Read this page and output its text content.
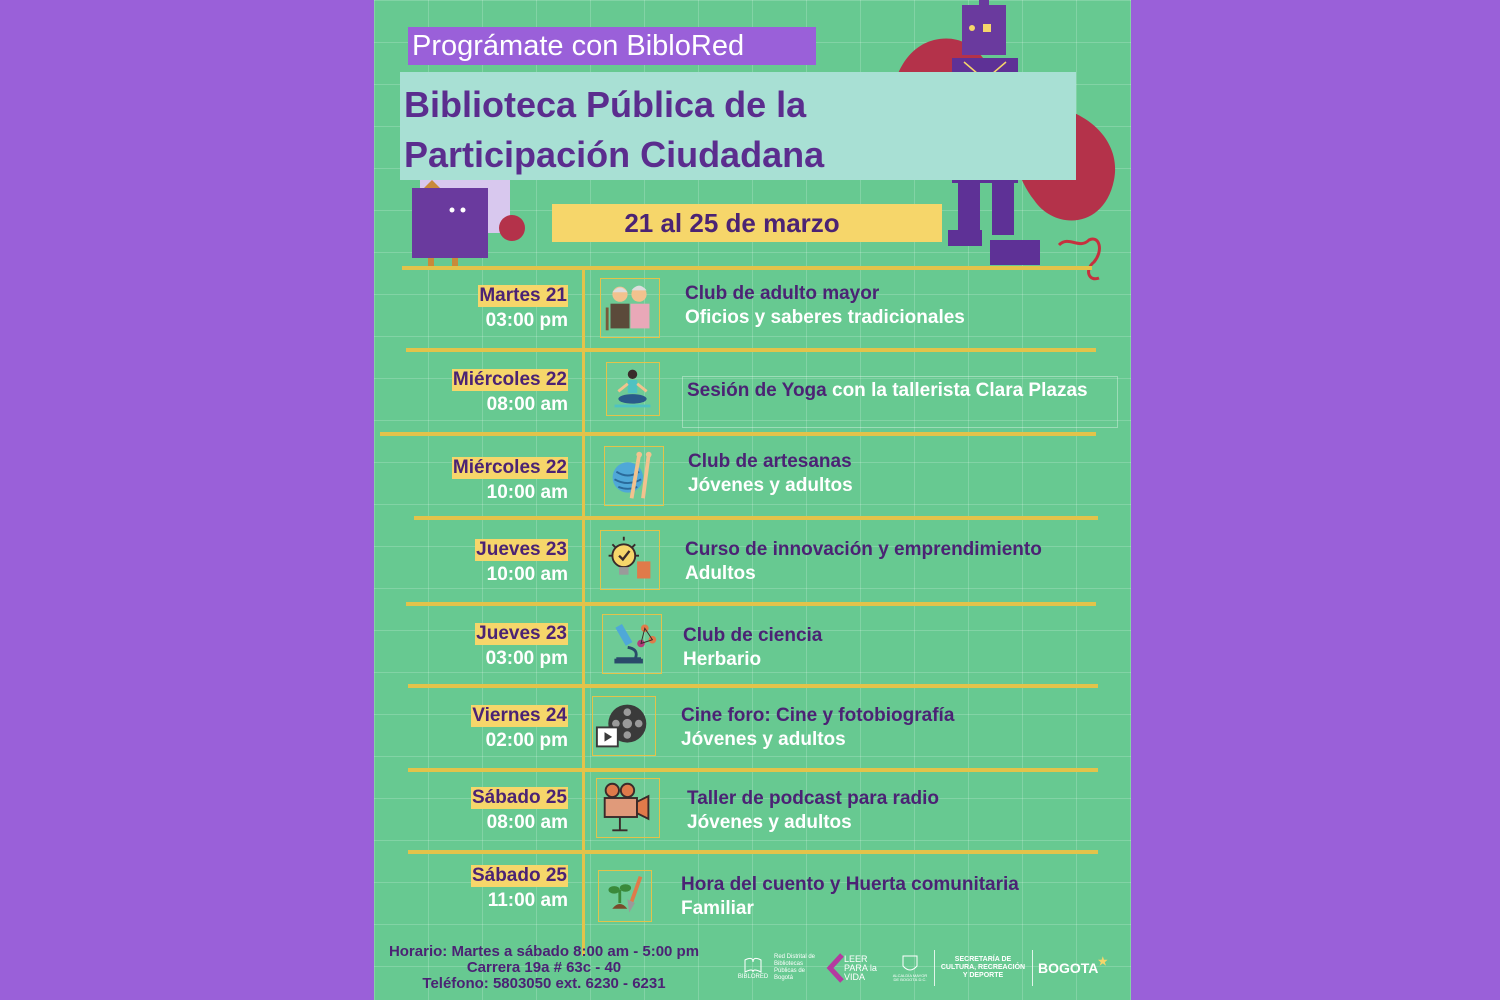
Prográmate con BibloRed
Biblioteca Pública de la
Participación Ciudadana
21 al 25 de marzo
Martes 21
03:00 pm
Club de adulto mayor
Oficios y saberes tradicionales
Miércoles 22
08:00 am
Sesión de Yoga con la tallerista Clara Plazas
Miércoles 22
10:00 am
Club de artesanas
Jóvenes y adultos
Jueves 23
10:00 am
Curso de innovación y emprendimiento
Adultos
Jueves 23
03:00 pm
Club de ciencia
Herbario
Viernes 24
02:00 pm
Cine foro: Cine y fotobiografía
Jóvenes y adultos
Sábado 25
08:00 am
Taller de podcast para radio
Jóvenes y adultos
Sábado 25
11:00 am
Hora del cuento y Huerta comunitaria
Familiar
Horario: Martes a sábado 8:00 am - 5:00 pm
Carrera 19a # 63c - 40
Teléfono: 5803050 ext. 6230 - 6231	BIBLORED
Red Distrital de Bibliotecas Públicas de Bogotá
LEER PARA la VIDA	ALCALDÍA MAYOR DE BOGOTÁ D.C.
SECRETARÍA DE CULTURA, RECREACIÓN Y DEPORTE	BOGOTA
